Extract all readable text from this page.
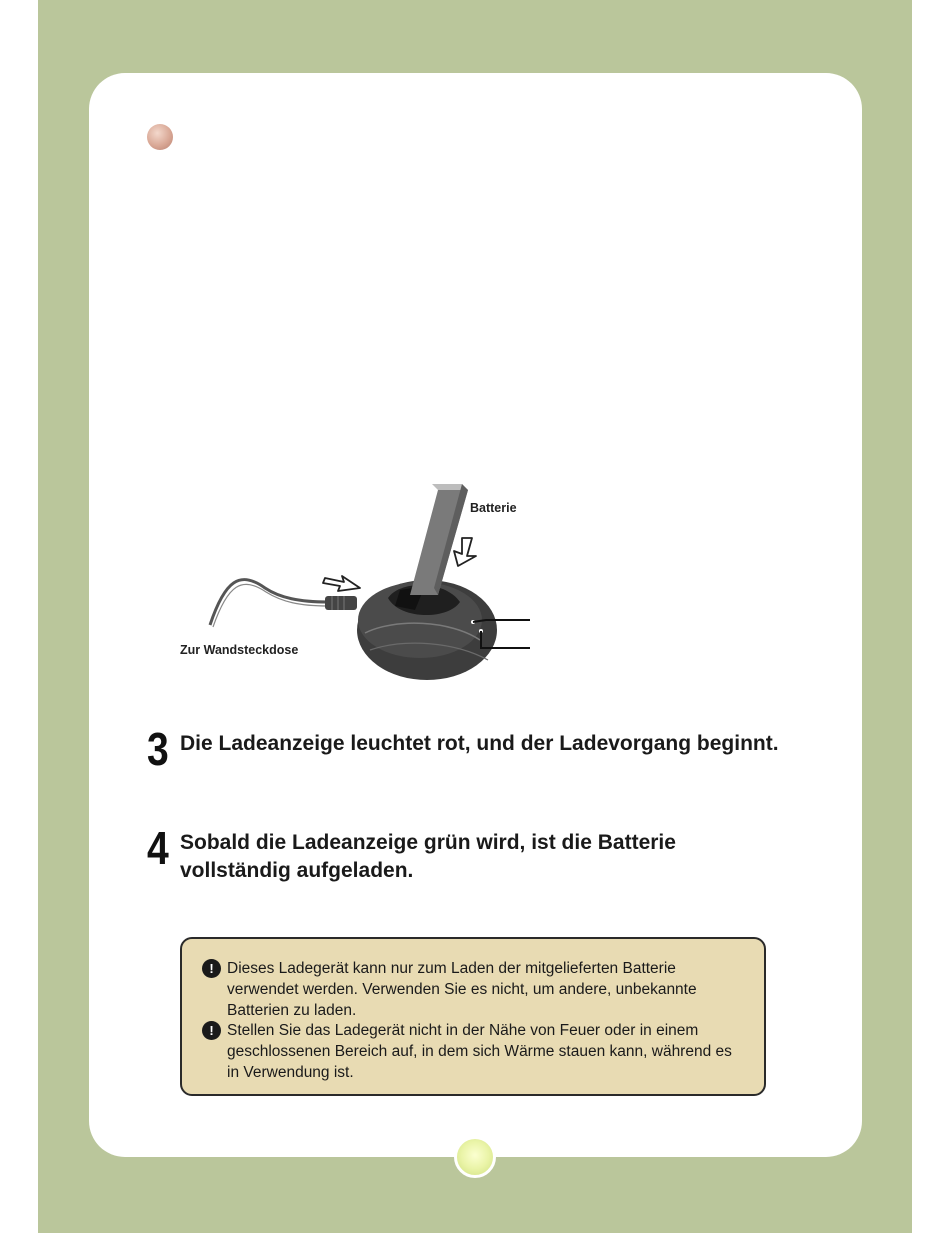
Batterie
Zur Wandsteckdose
3 Die Ladeanzeige leuchtet rot, und der Ladevorgang beginnt.
4 Sobald die Ladeanzeige grün wird, ist die Batterie vollständig aufgeladen.
! Dieses Ladegerät kann nur zum Laden der mitgelieferten Batterie verwendet werden. Verwenden Sie es nicht, um andere, unbekannte Batterien zu laden.
! Stellen Sie das Ladegerät nicht in der Nähe von Feuer oder in einem geschlossenen Bereich auf, in dem sich Wärme stauen kann, während es in Verwendung ist.
